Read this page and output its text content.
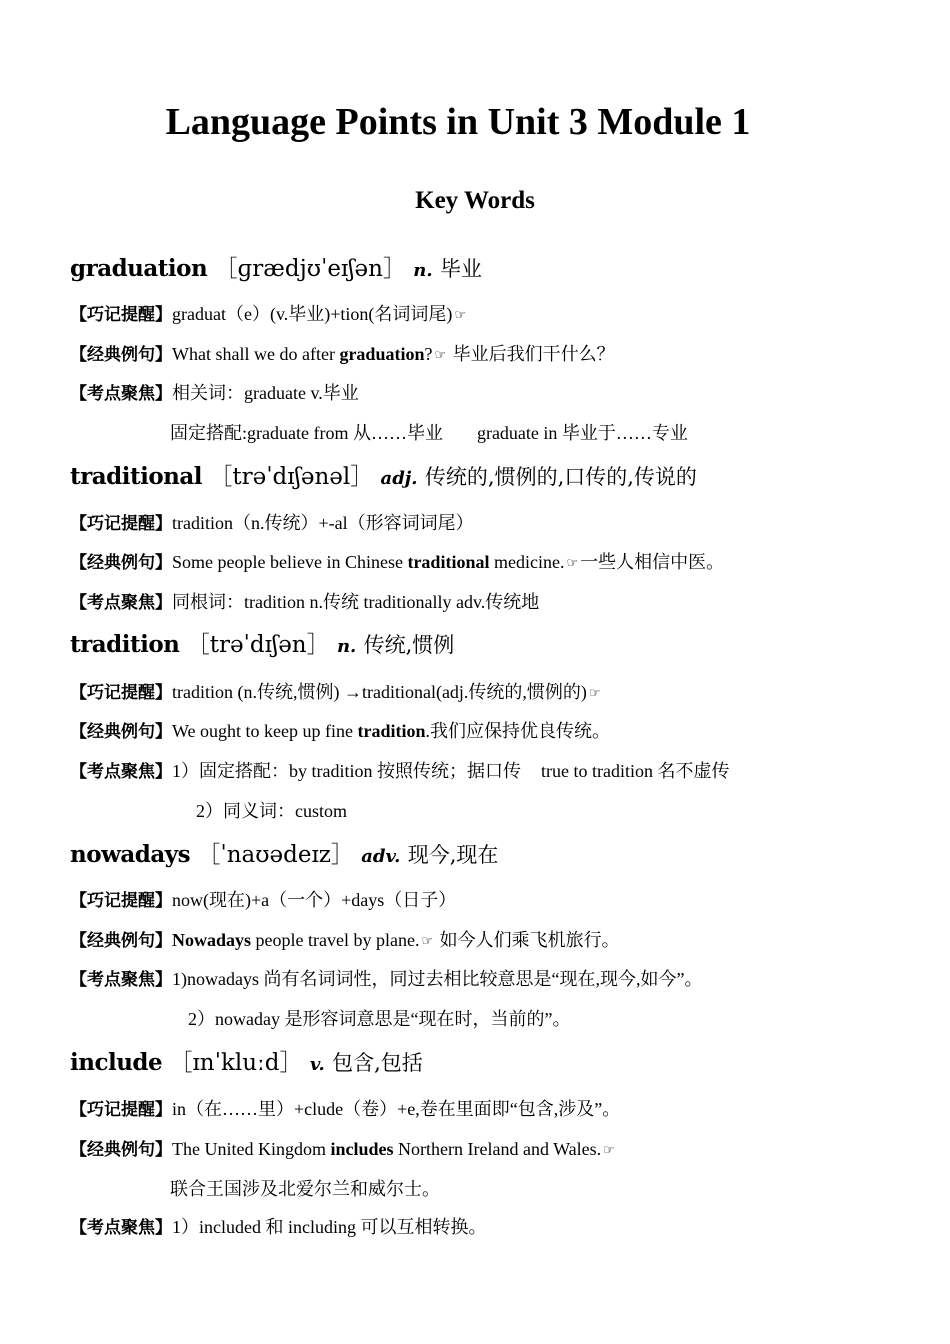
Language Points in Unit 3 Module 1
Key Words
graduation ［ɡrædjʊˈeɪʃən］ n. 毕业
【巧记提醒】graduat（e）(v.毕业)+tion(名词词尾) ☞
【经典例句】What shall we do after graduation? ☞ 毕业后我们干什么？
【考点聚焦】相关词：graduate v.毕业
固定搭配:graduate from 从……毕业 graduate in 毕业于……专业
traditional ［trəˈdɪʃənəl］ adj. 传统的,惯例的,口传的,传说的
【巧记提醒】tradition（n.传统）+-al（形容词词尾）
【经典例句】Some people believe in Chinese traditional medicine. ☞ 一些人相信中医。
【考点聚焦】同根词：tradition n.传统 traditionally adv.传统地
tradition ［trəˈdɪʃən］ n. 传统,惯例
【巧记提醒】tradition (n.传统,惯例) →traditional(adj.传统的,惯例的) ☞
【经典例句】We ought to keep up fine tradition.我们应保持优良传统。
【考点聚焦】1）固定搭配：by tradition 按照传统；据口传 true to tradition 名不虚传
2）同义词：custom
nowadays ［ˈnaʊədeɪz］ adv. 现今,现在
【巧记提醒】now(现在)+a（一个）+days（日子）
【经典例句】Nowadays people travel by plane. ☞ 如今人们乘飞机旅行。
【考点聚焦】1)nowadays 尚有名词词性，同过去相比较意思是“现在,现今,如今”。
2）nowaday 是形容词意思是“现在时，当前的”。
include ［ɪnˈkluːd］ v. 包含,包括
【巧记提醒】in（在……里）+clude（卷）+e,卷在里面即“包含,涉及”。
【经典例句】The United Kingdom includes Northern Ireland and Wales. ☞
联合王国涉及北爱尔兰和威尔士。
【考点聚焦】1）included 和 including 可以互相转换。
